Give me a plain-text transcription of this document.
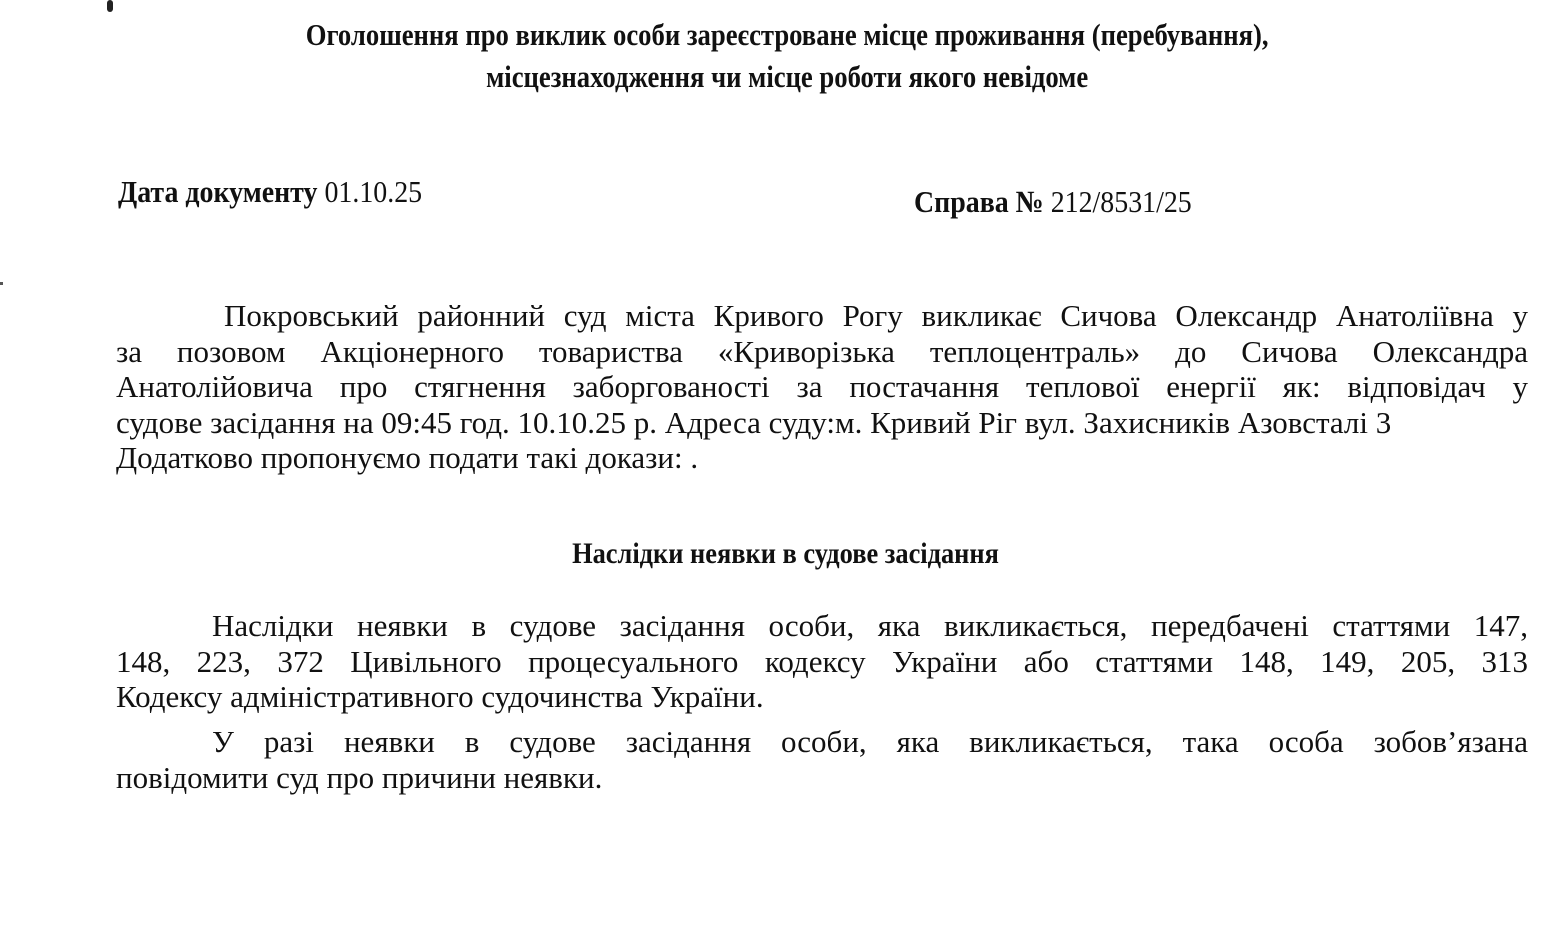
Оголошення про виклик особи зареєстроване місце проживання (перебування),
місцезнаходження чи місце роботи якого невідоме
Дата документу 01.10.25	Справа № 212/8531/25
Покровський районний суд міста Кривого Рогу викликає Сичова Олександр Анатоліївна у
за позовом Акціонерного товариства «Криворізька теплоцентраль» до Сичова Олександра
Анатолійовича про стягнення заборгованості за постачання теплової енергії як: відповідач у
судове засідання на 09:45 год. 10.10.25 р. Адреса суду:м. Кривий Ріг вул. Захисників Азовсталі 3
Додатково пропонуємо подати такі докази: .
Наслідки неявки в судове засідання
Наслідки неявки в судове засідання особи, яка викликається, передбачені статтями 147,
148, 223, 372 Цивільного процесуального кодексу України або статтями 148, 149, 205, 313
Кодексу адміністративного судочинства України.
У разі неявки в судове засідання особи, яка викликається, така особа зобов’язана
повідомити суд про причини неявки.
